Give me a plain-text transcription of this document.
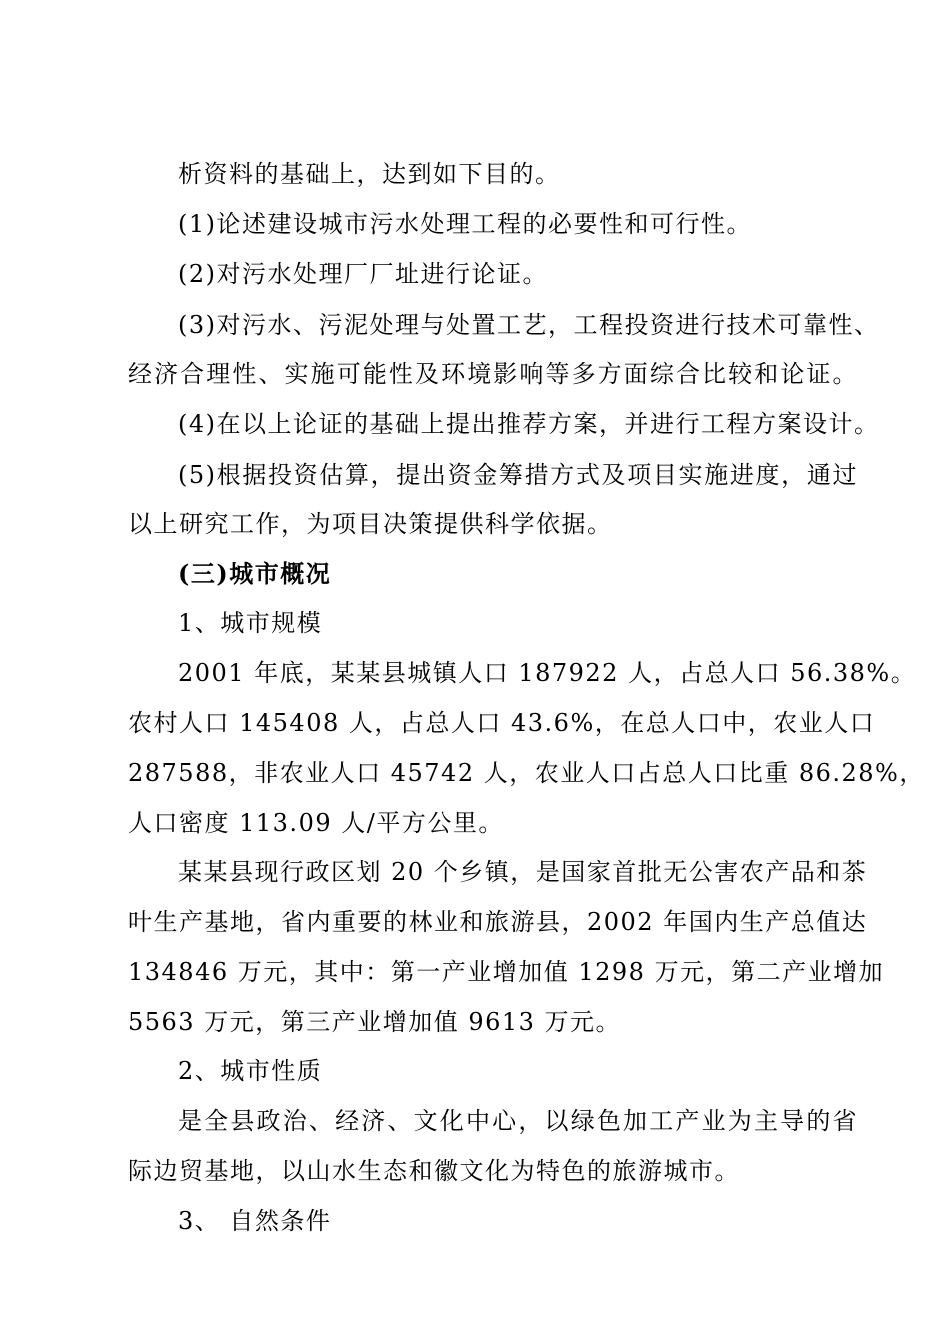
析资料的基础上，达到如下目的。
(1)论述建设城市污水处理工程的必要性和可行性。
(2)对污水处理厂厂址进行论证。
(3)对污水、污泥处理与处置工艺，工程投资进行技术可靠性、
经济合理性、实施可能性及环境影响等多方面综合比较和论证。
(4)在以上论证的基础上提出推荐方案，并进行工程方案设计。
(5)根据投资估算，提出资金筹措方式及项目实施进度，通过
以上研究工作，为项目决策提供科学依据。
(三)城市概况
1、城市规模
2001 年底，某某县城镇人口 187922 人，占总人口 56.38%。
农村人口 145408 人，占总人口 43.6%，在总人口中，农业人口
287588，非农业人口 45742 人，农业人口占总人口比重 86.28%，
人口密度 113.09 人/平方公里。
某某县现行政区划 20 个乡镇，是国家首批无公害农产品和茶
叶生产基地，省内重要的林业和旅游县，2002 年国内生产总值达
134846 万元，其中：第一产业增加值 1298 万元，第二产业增加
5563 万元，第三产业增加值 9613 万元。
2、城市性质
是全县政治、经济、文化中心，以绿色加工产业为主导的省
际边贸基地，以山水生态和徽文化为特色的旅游城市。
3、 自然条件
